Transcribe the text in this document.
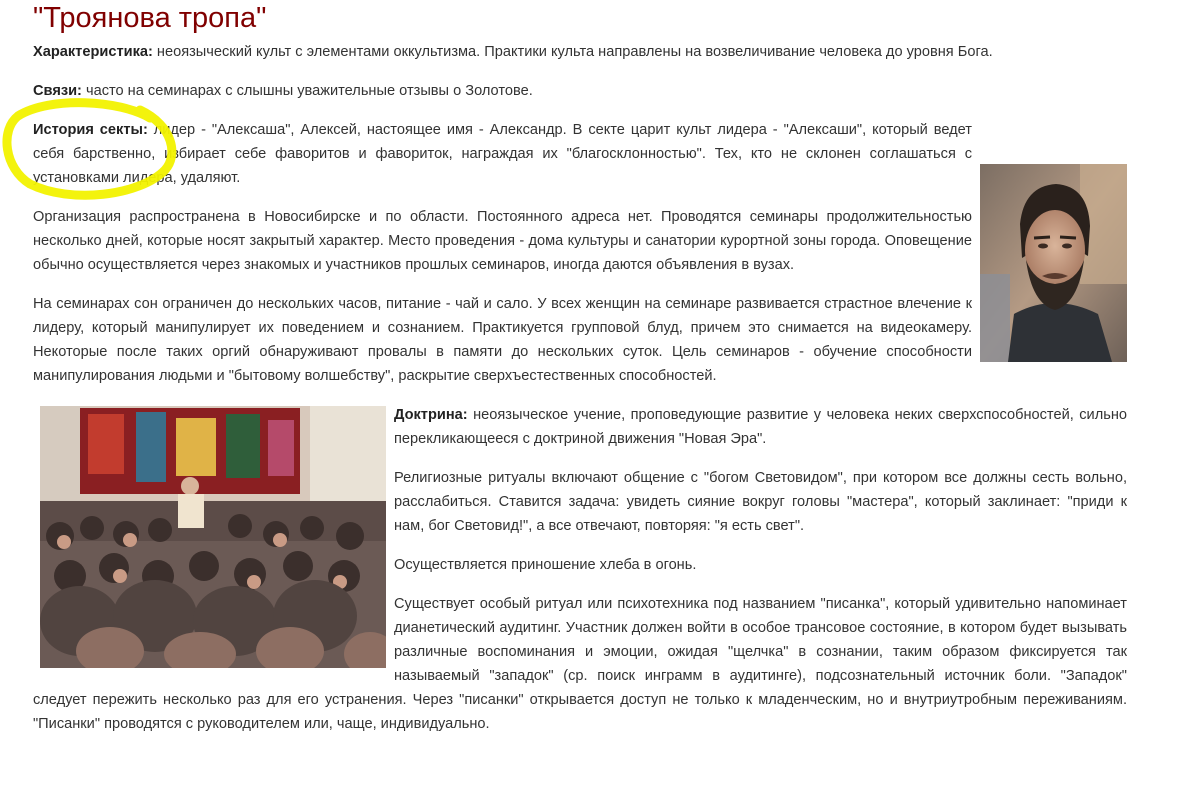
"Троянова тропа"

Характеристика: неоязыческий культ с элементами оккультизма. Практики культа направлены на возвеличивание человека до уровня Бога.

Связи: часто на семинарах с слышны уважительные отзывы о Золотове.

История секты: лидер - "Алексаша", Алексей, настоящее имя - Александр. В секте царит культ лидера - "Алексаши", который ведет себя барственно, избирает себе фаворитов и фавориток, награждая их "благосклонностью". Тех, кто не склонен соглашаться с установками лидера, удаляют.

Организация распространена в Новосибирске и по области. Постоянного адреса нет. Проводятся семинары продолжительностью несколько дней, которые носят закрытый характер. Место проведения - дома культуры и санатории курортной зоны города. Оповещение обычно осуществляется через знакомых и участников прошлых семинаров, иногда даются объявления в вузах.

На семинарах сон ограничен до нескольких часов, питание - чай и сало. У всех женщин на семинаре развивается страстное влечение к лидеру, который манипулирует их поведением и сознанием. Практикуется групповой блуд, причем это снимается на видеокамеру. Некоторые после таких оргий обнаруживают провалы в памяти до нескольких суток. Цель семинаров - обучение способности манипулирования людьми и "бытовому волшебству", раскрытие сверхъестественных способностей.

Доктрина: неоязыческое учение, проповедующие развитие у человека неких сверхспособностей, сильно перекликающееся с доктриной движения "Новая Эра".

Религиозные ритуалы включают общение с "богом Световидом", при котором все должны сесть вольно, расслабиться. Ставится задача: увидеть сияние вокруг головы "мастера", который заклинает: "приди к нам, бог Световид!", а все отвечают, повторяя: "я есть свет".

Осуществляется приношение хлеба в огонь.

Существует особый ритуал или психотехника под названием "писанка", который удивительно напоминает дианетический аудитинг. Участник должен войти в особое трансовое состояние, в котором будет вызывать различные воспоминания и эмоции, ожидая "щелчка" в сознании, таким образом фиксируется так называемый "западок" (ср. поиск инграмм в аудитинге), подсознательный источник боли. "Западок" следует пережить несколько раз для его устранения. Через "писанки" открывается доступ не только к младенческим, но и внутриутробным переживаниям. "Писанки" проводятся с руководителем или, чаще, индивидуально.
